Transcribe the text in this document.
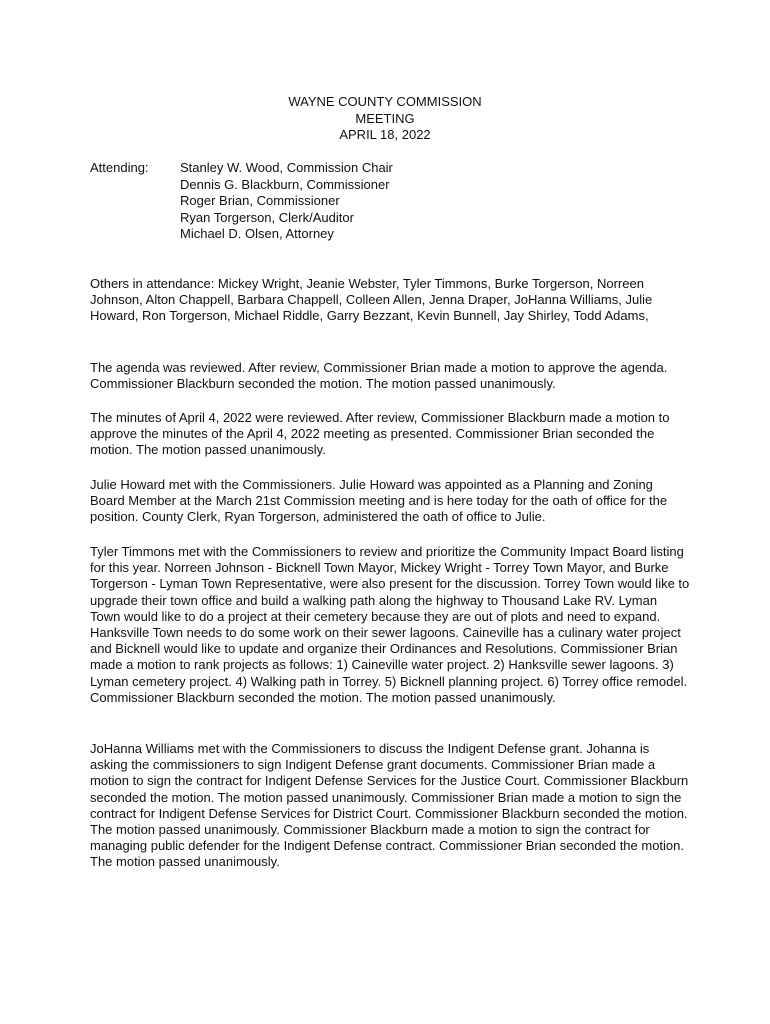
WAYNE COUNTY COMMISSION
MEETING
APRIL 18, 2022
Attending:	Stanley W. Wood, Commission Chair
Dennis G. Blackburn, Commissioner
Roger Brian, Commissioner
Ryan Torgerson, Clerk/Auditor
Michael D. Olsen, Attorney

Others in attendance: Mickey Wright, Jeanie Webster, Tyler Timmons, Burke Torgerson, Norreen Johnson, Alton Chappell, Barbara Chappell, Colleen Allen, Jenna Draper, JoHanna Williams, Julie Howard, Ron Torgerson, Michael Riddle, Garry Bezzant, Kevin Bunnell, Jay Shirley, Todd Adams,

The agenda was reviewed. After review, Commissioner Brian made a motion to approve the agenda. Commissioner Blackburn seconded the motion. The motion passed unanimously.

The minutes of April 4, 2022 were reviewed. After review, Commissioner Blackburn made a motion to approve the minutes of the April 4, 2022 meeting as presented. Commissioner Brian seconded the motion. The motion passed unanimously.

Julie Howard met with the Commissioners. Julie Howard was appointed as a Planning and Zoning Board Member at the March 21st Commission meeting and is here today for the oath of office for the position. County Clerk, Ryan Torgerson, administered the oath of office to Julie.

Tyler Timmons met with the Commissioners to review and prioritize the Community Impact Board listing for this year. Norreen Johnson - Bicknell Town Mayor, Mickey Wright - Torrey Town Mayor, and Burke Torgerson - Lyman Town Representative, were also present for the discussion. Torrey Town would like to upgrade their town office and build a walking path along the highway to Thousand Lake RV. Lyman Town would like to do a project at their cemetery because they are out of plots and need to expand. Hanksville Town needs to do some work on their sewer lagoons. Caineville has a culinary water project and Bicknell would like to update and organize their Ordinances and Resolutions. Commissioner Brian made a motion to rank projects as follows: 1) Caineville water project. 2) Hanksville sewer lagoons. 3) Lyman cemetery project. 4) Walking path in Torrey. 5) Bicknell planning project. 6) Torrey office remodel. Commissioner Blackburn seconded the motion. The motion passed unanimously.

JoHanna Williams met with the Commissioners to discuss the Indigent Defense grant. Johanna is asking the commissioners to sign Indigent Defense grant documents. Commissioner Brian made a motion to sign the contract for Indigent Defense Services for the Justice Court. Commissioner Blackburn seconded the motion. The motion passed unanimously. Commissioner Brian made a motion to sign the contract for Indigent Defense Services for District Court. Commissioner Blackburn seconded the motion. The motion passed unanimously. Commissioner Blackburn made a motion to sign the contract for managing public defender for the Indigent Defense contract. Commissioner Brian seconded the motion. The motion passed unanimously.
